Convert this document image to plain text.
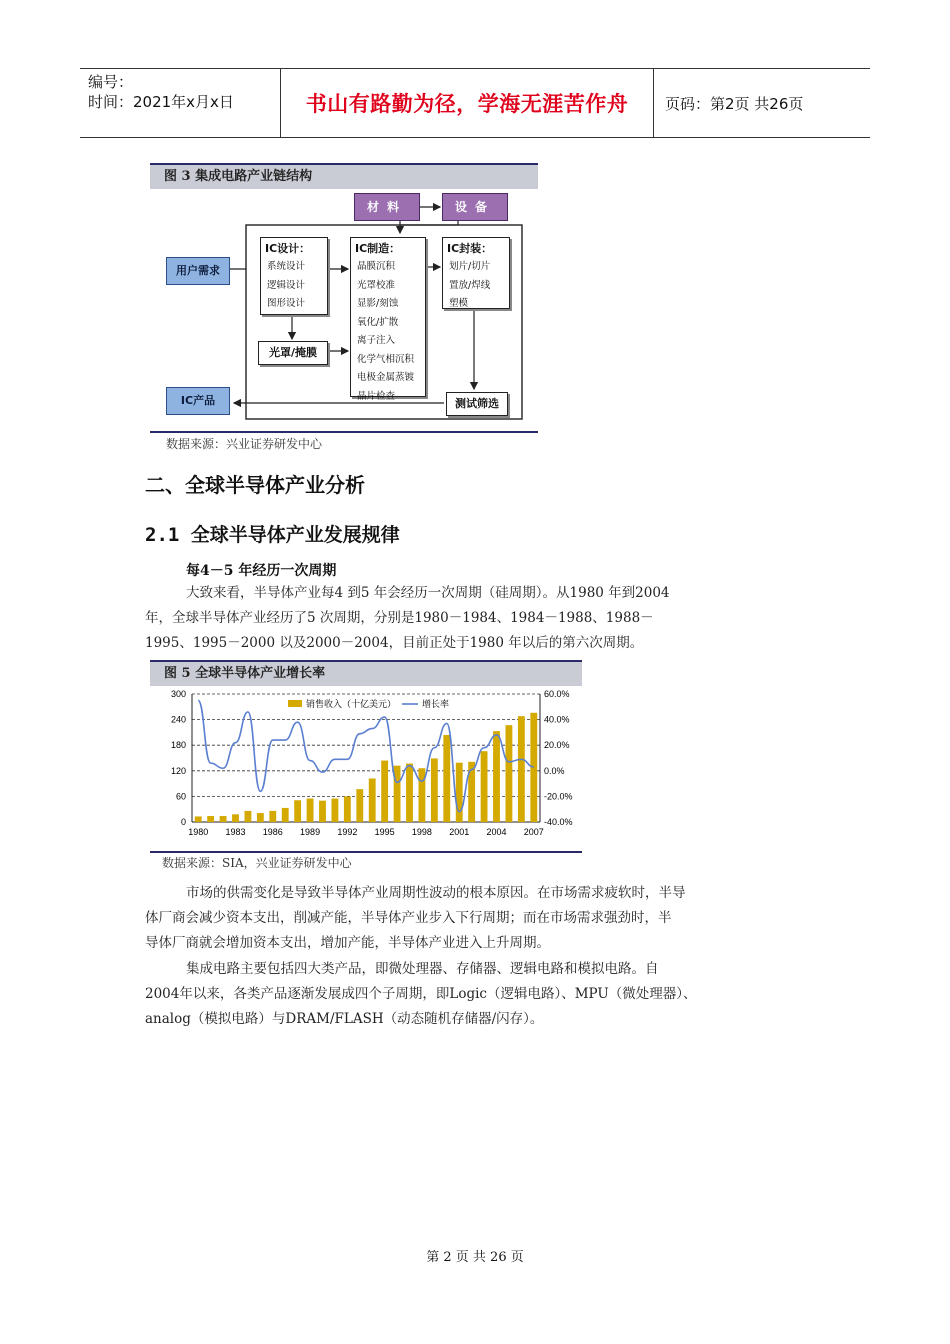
编号：
时间：2021年x月x日	书山有路勤为径，学海无涯苦作舟 页码：第2页 共26页
图 3 集成电路产业链结构
材料	设备
用户需求
IC产品
IC设计：
系统设计
逻辑设计
图形设计
IC制造：
晶膜沉积
光罩校准
显影/刻蚀
氧化/扩散
离子注入
化学气相沉积
电极金属蒸镀
晶片检查
IC封装：
划片/切片
置放/焊线
塑模
光罩/掩膜
测试筛选
数据来源：兴业证券研发中心
二、全球半导体产业分析
2.1 全球半导体产业发展规律
每4－5 年经历一次周期
大致来看，半导体产业每4 到5 年会经历一次周期（硅周期）。从1980 年到2004
年，全球半导体产业经历了5 次周期，分别是1980－1984、1984－1988、1988－
1995、1995－2000 以及2000－2004，目前正处于1980 年以后的第六次周期。
图 5 全球半导体产业增长率
0
60
120
180
240
300
-40.0%
-20.0%
0.0%
20.0%
40.0%
60.0%
1980 1983 1986 1989 1992 1995 1998 2001 2004 2007
销售收入（十亿美元）	增长率
数据来源：SIA，兴业证券研发中心
市场的供需变化是导致半导体产业周期性波动的根本原因。在市场需求疲软时，半导
体厂商会减少资本支出，削减产能，半导体产业步入下行周期；而在市场需求强劲时，半
导体厂商就会增加资本支出，增加产能，半导体产业进入上升周期。
集成电路主要包括四大类产品，即微处理器、存储器、逻辑电路和模拟电路。自
2004年以来，各类产品逐渐发展成四个子周期，即Logic（逻辑电路）、MPU（微处理器）、
analog（模拟电路）与DRAM/FLASH（动态随机存储器/闪存）。
第 2 页 共 26 页
